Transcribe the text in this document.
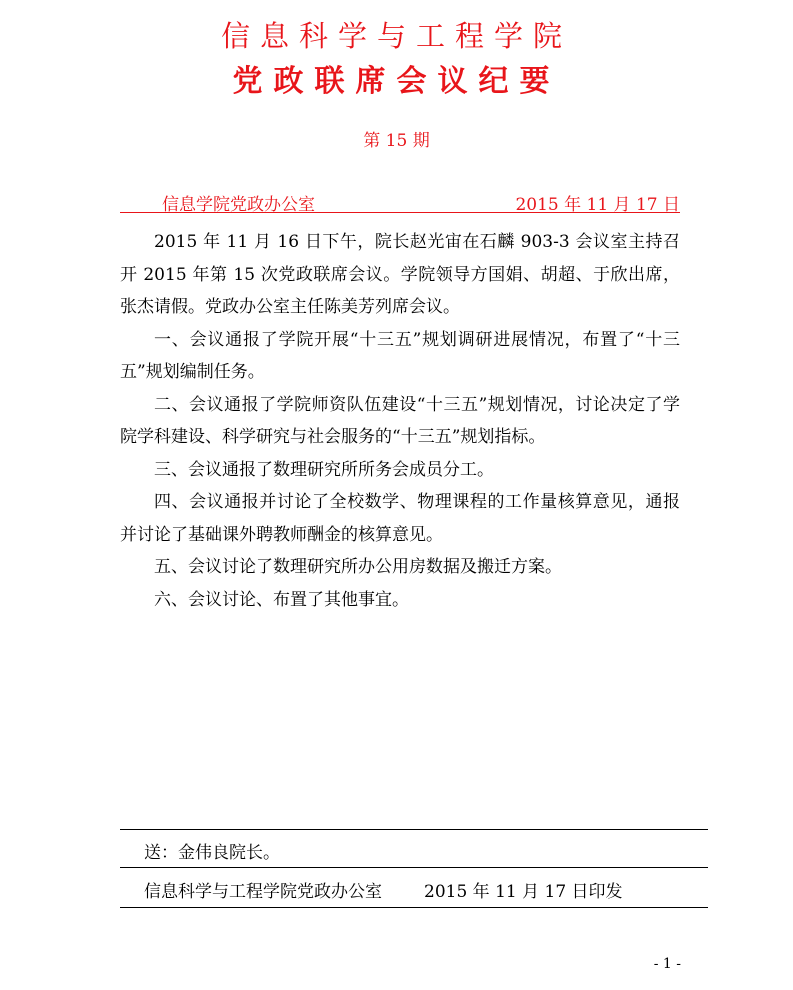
信息科学与工程学院
党政联席会议纪要
第 15 期
信息学院党政办公室	2015 年 11 月 17 日

2015 年 11 月 16 日下午，院长赵光宙在石麟 903-3 会议室主持召开 2015 年第 15 次党政联席会议。学院领导方国娟、胡超、于欣出席，张杰请假。党政办公室主任陈美芳列席会议。

一、会议通报了学院开展“十三五”规划调研进展情况，布置了“十三五”规划编制任务。

二、会议通报了学院师资队伍建设“十三五”规划情况，讨论决定了学院学科建设、科学研究与社会服务的“十三五”规划指标。

三、会议通报了数理研究所所务会成员分工。

四、会议通报并讨论了全校数学、物理课程的工作量核算意见，通报并讨论了基础课外聘教师酬金的核算意见。

五、会议讨论了数理研究所办公用房数据及搬迁方案。

六、会议讨论、布置了其他事宜。

送：金伟良院长。
信息科学与工程学院党政办公室 2015 年 11 月 17 日印发
- 1 -
